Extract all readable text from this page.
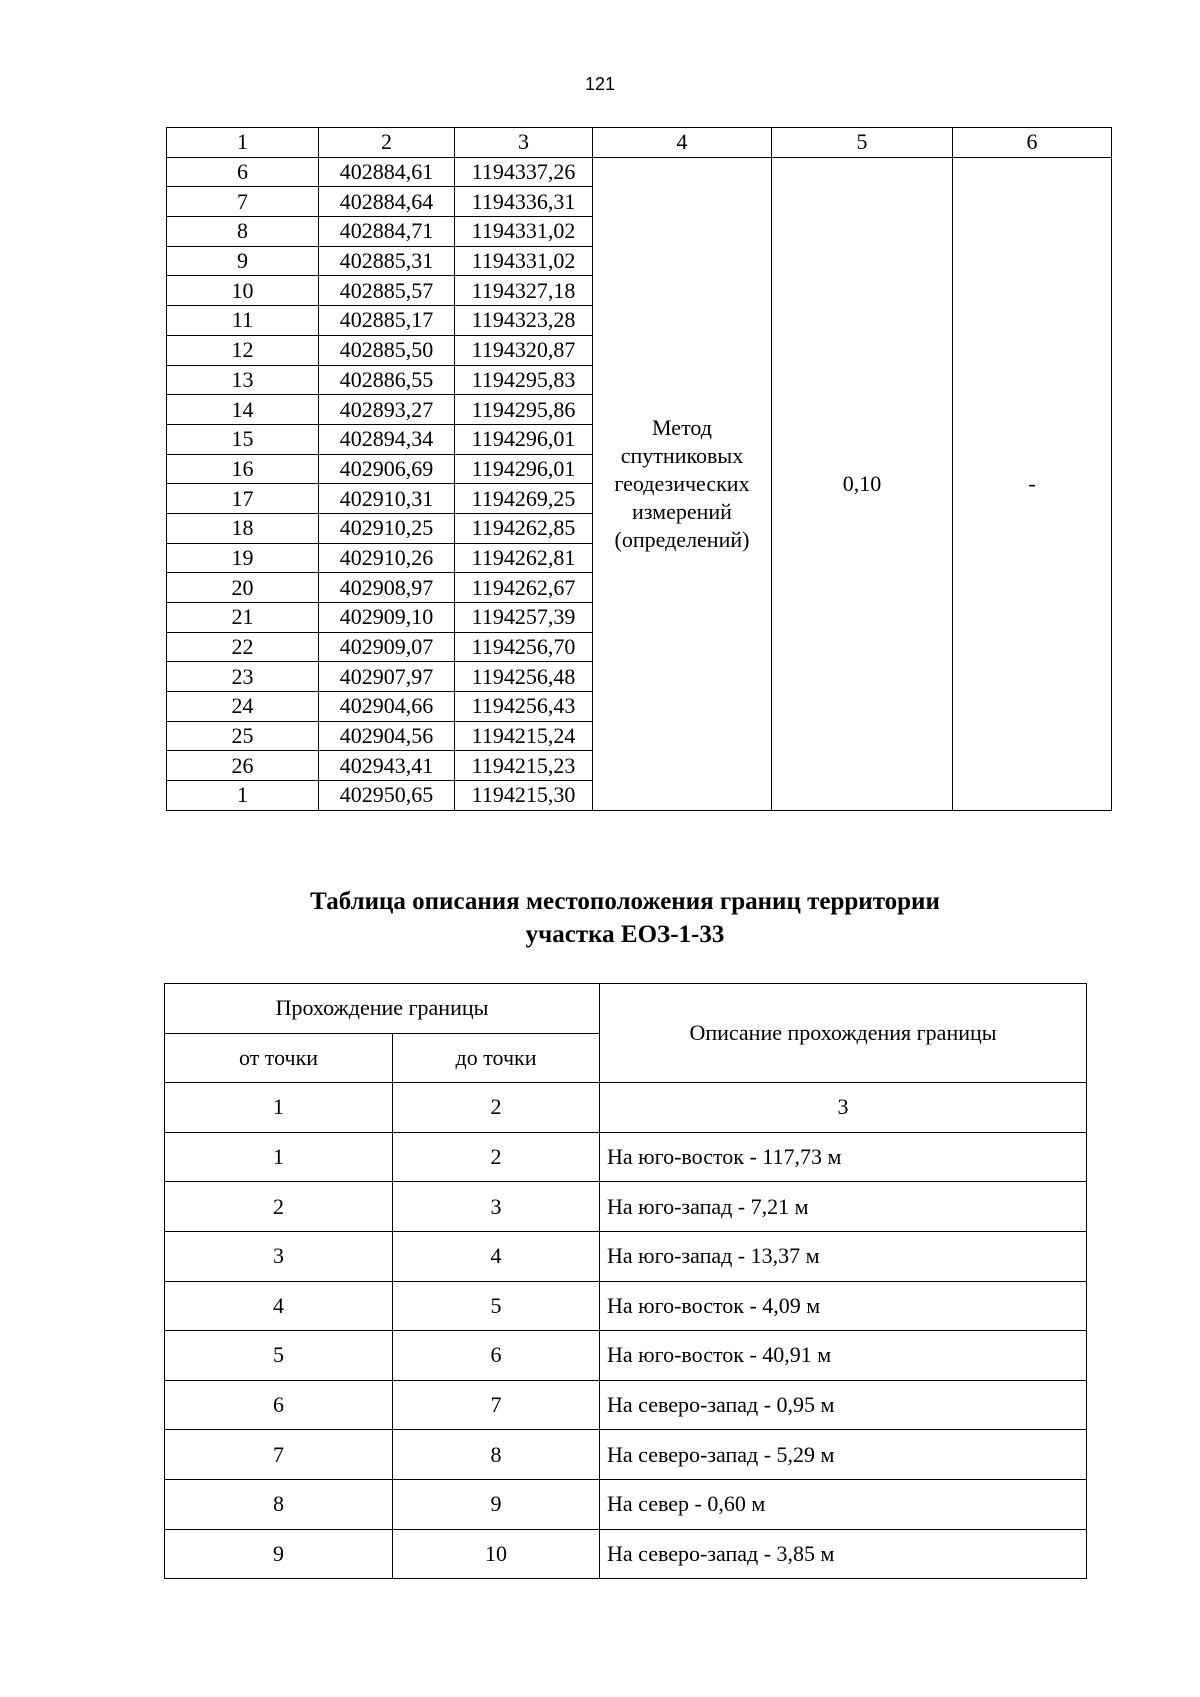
121
1	2	3	4	5	6
6	402884,61	1194337,26	Метод
спутниковых
геодезических
измерений
(определений)	0,10	-
7	402884,64	1194336,31			
8	402884,71	1194331,02			
9	402885,31	1194331,02			
10	402885,57	1194327,18			
11	402885,17	1194323,28			
12	402885,50	1194320,87			
13	402886,55	1194295,83			
14	402893,27	1194295,86			
15	402894,34	1194296,01			
16	402906,69	1194296,01			
17	402910,31	1194269,25			
18	402910,25	1194262,85			
19	402910,26	1194262,81			
20	402908,97	1194262,67			
21	402909,10	1194257,39			
22	402909,07	1194256,70			
23	402907,97	1194256,48			
24	402904,66	1194256,43			
25	402904,56	1194215,24			
26	402943,41	1194215,23			
1	402950,65	1194215,30			
Таблица описания местоположения границ территории
участка ЕОЗ-1-33
Прохождение границы		Описание прохождения границы
от точки	до точки	
1	2	3
1	2	На юго-восток - 117,73 м
2	3	На юго-запад - 7,21 м
3	4	На юго-запад - 13,37 м
4	5	На юго-восток - 4,09 м
5	6	На юго-восток - 40,91 м
6	7	На северо-запад - 0,95 м
7	8	На северо-запад - 5,29 м
8	9	На север - 0,60 м
9	10	На северо-запад - 3,85 м
